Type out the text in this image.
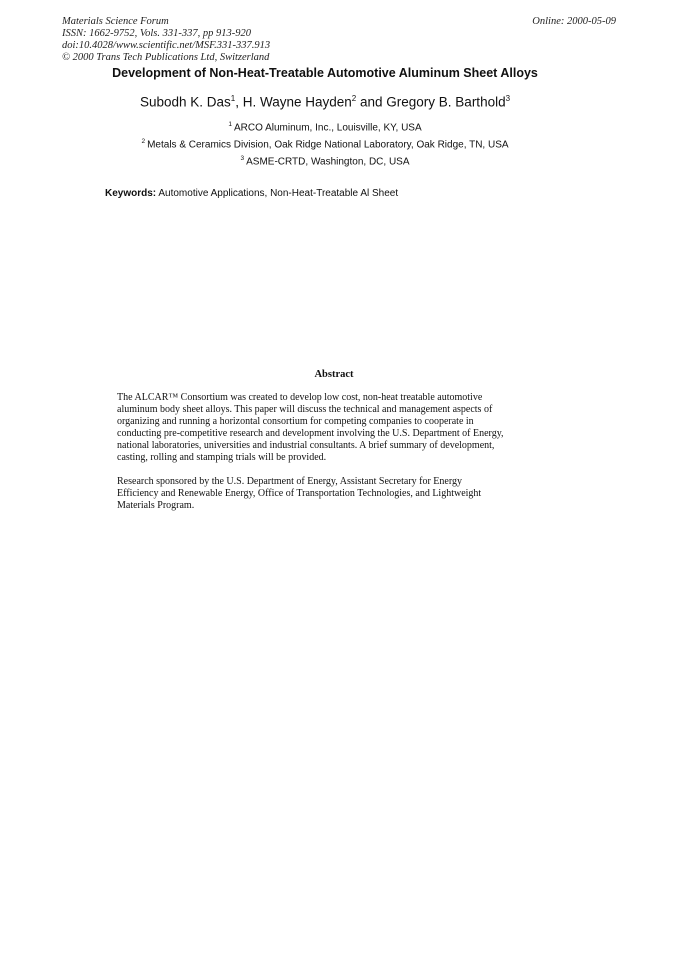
Materials Science Forum
ISSN: 1662-9752, Vols. 331-337, pp 913-920
doi:10.4028/www.scientific.net/MSF.331-337.913
© 2000 Trans Tech Publications Ltd, Switzerland
Online: 2000-05-09
Development of Non-Heat-Treatable Automotive Aluminum Sheet Alloys
Subodh K. Das$^1$, H. Wayne Hayden$^2$ and Gregory B. Barthold$^3$
$^1$ ARCO Aluminum, Inc., Louisville, KY, USA
$^2$ Metals & Ceramics Division, Oak Ridge National Laboratory, Oak Ridge, TN, USA
$^3$ ASME-CRTD, Washington, DC, USA
Keywords: Automotive Applications, Non-Heat-Treatable Al Sheet
Abstract
The ALCAR™ Consortium was created to develop low cost, non-heat treatable automotive
aluminum body sheet alloys. This paper will discuss the technical and management aspects of
organizing and running a horizontal consortium for competing companies to cooperate in
conducting pre-competitive research and development involving the U.S. Department of Energy,
national laboratories, universities and industrial consultants. A brief summary of development,
casting, rolling and stamping trials will be provided.
Research sponsored by the U.S. Department of Energy, Assistant Secretary for Energy
Efficiency and Renewable Energy, Office of Transportation Technologies, and Lightweight
Materials Program.
